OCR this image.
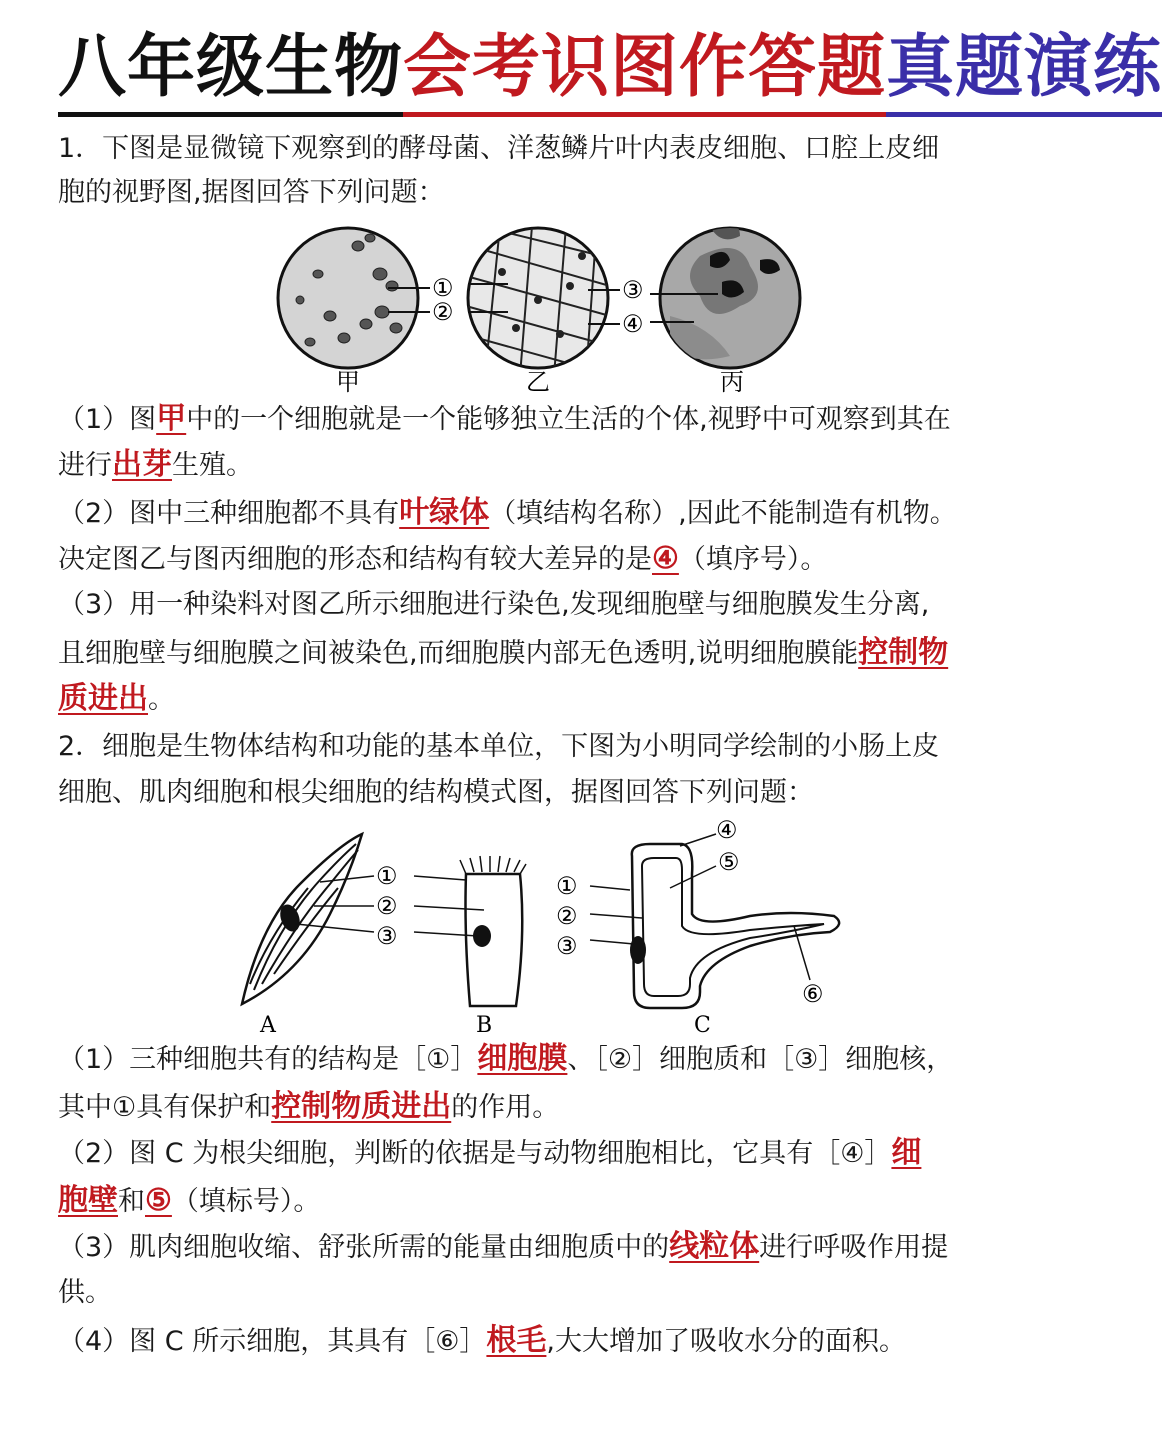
八年级生物会考识图作答题真题演练
1．下图是显微镜下观察到的酵母菌、洋葱鳞片叶内表皮细胞、口腔上皮细
胞的视野图,据图回答下列问题：
①
②
③
④
甲	乙	丙
（1）图甲中的一个细胞就是一个能够独立生活的个体,视野中可观察到其在
进行出芽生殖。
（2）图中三种细胞都不具有叶绿体（填结构名称）,因此不能制造有机物。
决定图乙与图丙细胞的形态和结构有较大差异的是④（填序号）。
（3）用一种染料对图乙所示细胞进行染色,发现细胞壁与细胞膜发生分离,
且细胞壁与细胞膜之间被染色,而细胞膜内部无色透明,说明细胞膜能控制物
质进出。
2．细胞是生物体结构和功能的基本单位，下图为小明同学绘制的小肠上皮
细胞、肌肉细胞和根尖细胞的结构模式图，据图回答下列问题：
①
②
③
①
②
③
④
⑤
⑥
A	B	C
（1）三种细胞共有的结构是［①］细胞膜、［②］细胞质和［③］细胞核，
其中①具有保护和控制物质进出的作用。
（2）图 C 为根尖细胞，判断的依据是与动物细胞相比，它具有［④］细
胞壁和⑤（填标号）。
（3）肌肉细胞收缩、舒张所需的能量由细胞质中的线粒体进行呼吸作用提
供。
（4）图 C 所示细胞，其具有［⑥］根毛,大大增加了吸收水分的面积。
